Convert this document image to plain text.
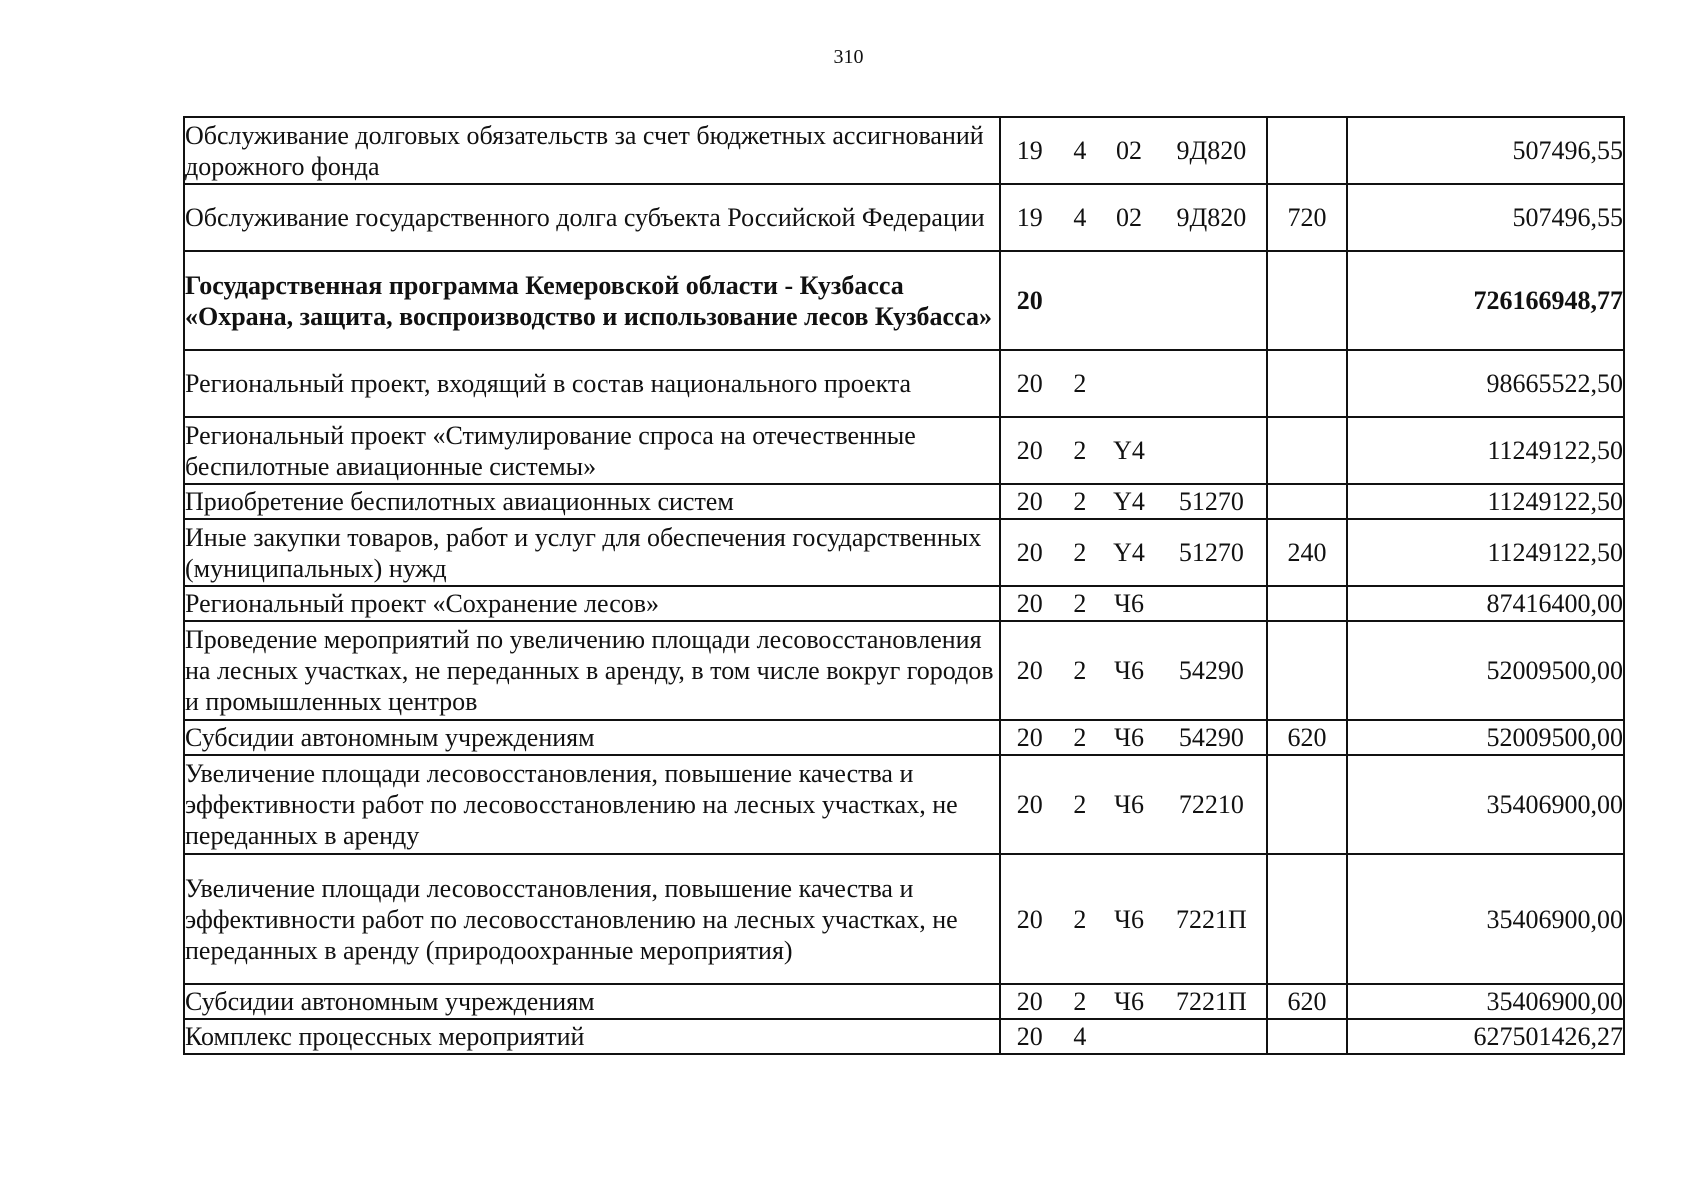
310
Обслуживание долговых обязательств за счет бюджетных ассигнований дорожного фонда	19 4 02 9Д820		507496,55
Обслуживание государственного долга субъекта Российской Федерации	19 4 02 9Д820	720	507496,55
Государственная программа Кемеровской области - Кузбасса «Охрана, защита, воспроизводство и использование лесов Кузбасса»	20		726166948,77
Региональный проект, входящий в состав национального проекта	20 2		98665522,50
Региональный проект «Стимулирование спроса на отечественные беспилотные авиационные системы»	20 2 Y4		11249122,50
Приобретение беспилотных авиационных систем	20 2 Y4 51270		11249122,50
Иные закупки товаров, работ и услуг для обеспечения государственных (муниципальных) нужд	20 2 Y4 51270	240	11249122,50
Региональный проект «Сохранение лесов»	20 2 Ч6		87416400,00
Проведение мероприятий по увеличению площади лесовосстановления на лесных участках, не переданных в аренду, в том числе вокруг городов и промышленных центров	20 2 Ч6 54290		52009500,00
Субсидии автономным учреждениям	20 2 Ч6 54290	620	52009500,00
Увеличение площади лесовосстановления, повышение качества и эффективности работ по лесовосстановлению на лесных участках, не переданных в аренду	20 2 Ч6 72210		35406900,00
Увеличение площади лесовосстановления, повышение качества и эффективности работ по лесовосстановлению на лесных участках, не переданных в аренду (природоохранные мероприятия)	20 2 Ч6 7221П		35406900,00
Субсидии автономным учреждениям	20 2 Ч6 7221П	620	35406900,00
Комплекс процессных мероприятий	20 4		627501426,27
